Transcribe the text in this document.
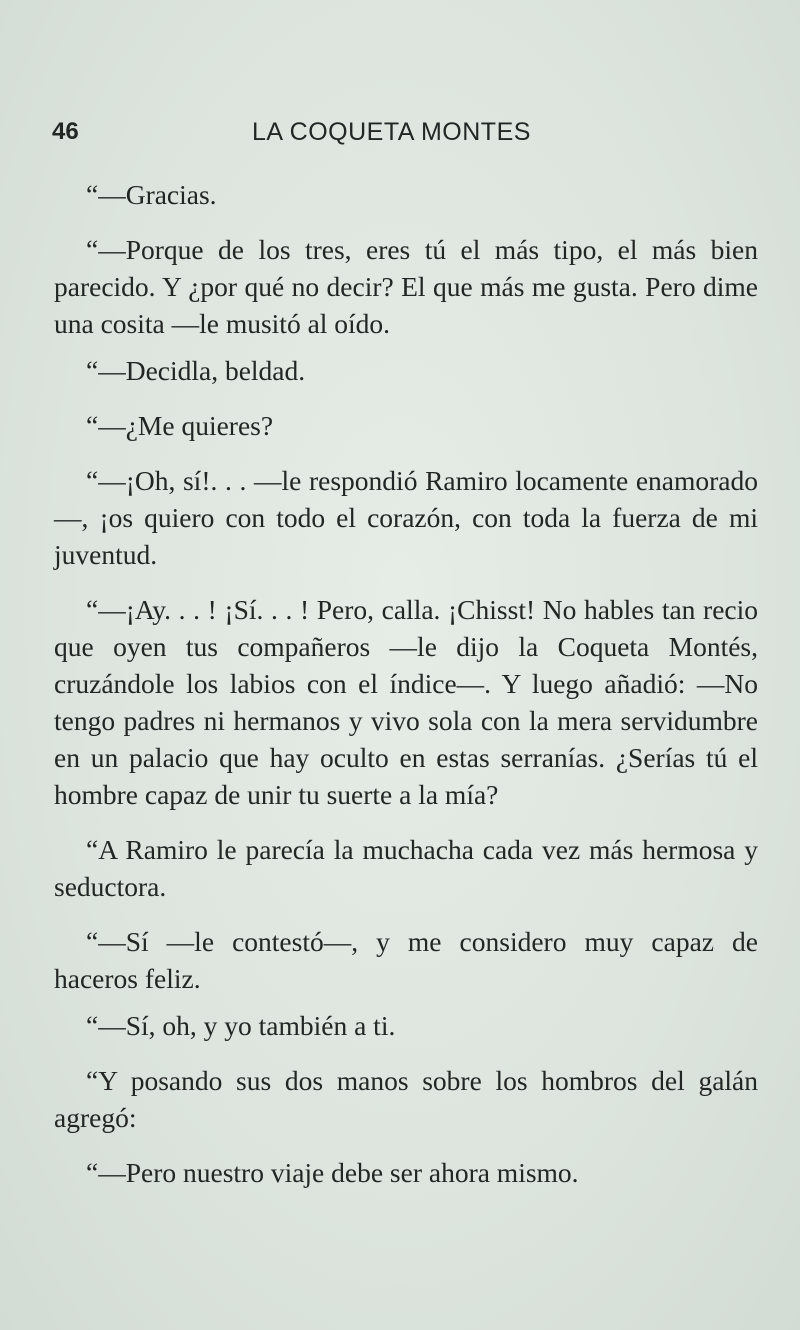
46	LA COQUETA MONTES

“—Gracias.

“—Porque de los tres, eres tú el más tipo, el más bien parecido. Y ¿por qué no decir? El que más me gusta. Pero dime una cosita —le musitó al oído.

“—Decidla, beldad.

“—¿Me quieres?

“—¡Oh, sí!. . . —le respondió Ramiro locamente enamorado—, ¡os quiero con todo el corazón, con toda la fuerza de mi juventud.

“—¡Ay. . . ! ¡Sí. . . ! Pero, calla. ¡Chisst! No hables tan recio que oyen tus compañeros —le dijo la Coqueta Montés, cruzándole los labios con el índice—. Y luego añadió: —No tengo padres ni hermanos y vivo sola con la mera servidumbre en un palacio que hay oculto en estas serranías. ¿Serías tú el hombre capaz de unir tu suerte a la mía?

“A Ramiro le parecía la muchacha cada vez más hermosa y seductora.

“—Sí —le contestó—, y me considero muy capaz de haceros feliz.

“—Sí, oh, y yo también a ti.

“Y posando sus dos manos sobre los hombros del galán agregó:

“—Pero nuestro viaje debe ser ahora mismo.
